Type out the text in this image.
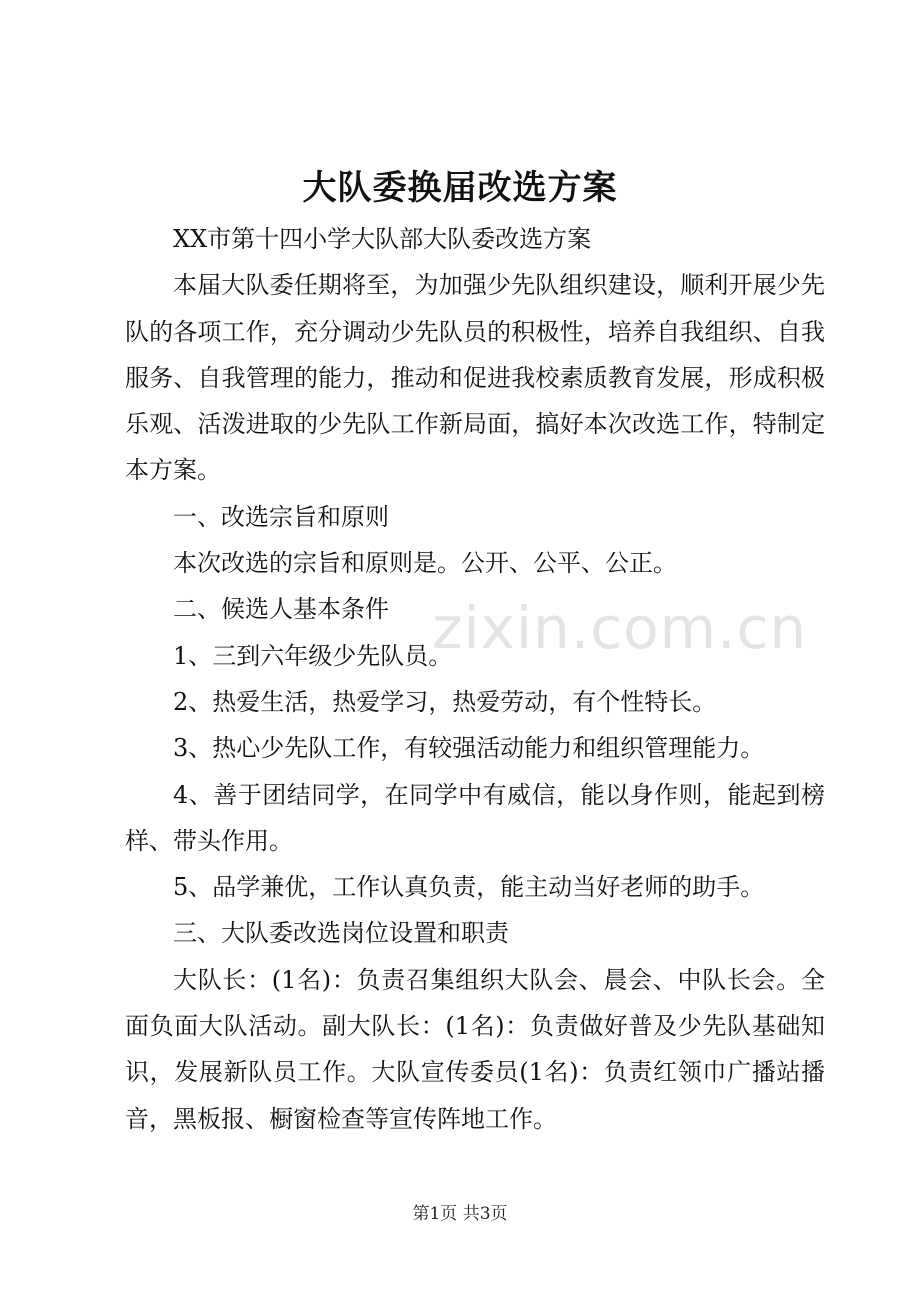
大队委换届改选方案

XX市第十四小学大队部大队委改选方案

本届大队委任期将至，为加强少先队组织建设，顺利开展少先队的各项工作，充分调动少先队员的积极性，培养自我组织、自我服务、自我管理的能力，推动和促进我校素质教育发展，形成积极乐观、活泼进取的少先队工作新局面，搞好本次改选工作，特制定本方案。

一、改选宗旨和原则

本次改选的宗旨和原则是。公开、公平、公正。

二、候选人基本条件

1、三到六年级少先队员。

2、热爱生活，热爱学习，热爱劳动，有个性特长。

3、热心少先队工作，有较强活动能力和组织管理能力。

4、善于团结同学，在同学中有威信，能以身作则，能起到榜样、带头作用。

5、品学兼优，工作认真负责，能主动当好老师的助手。

三、大队委改选岗位设置和职责

大队长：(1名)：负责召集组织大队会、晨会、中队长会。全面负面大队活动。副大队长：(1名)：负责做好普及少先队基础知识，发展新队员工作。大队宣传委员(1名)：负责红领巾广播站播音，黑板报、橱窗检查等宣传阵地工作。

zixin.com.cn
第1页 共3页
